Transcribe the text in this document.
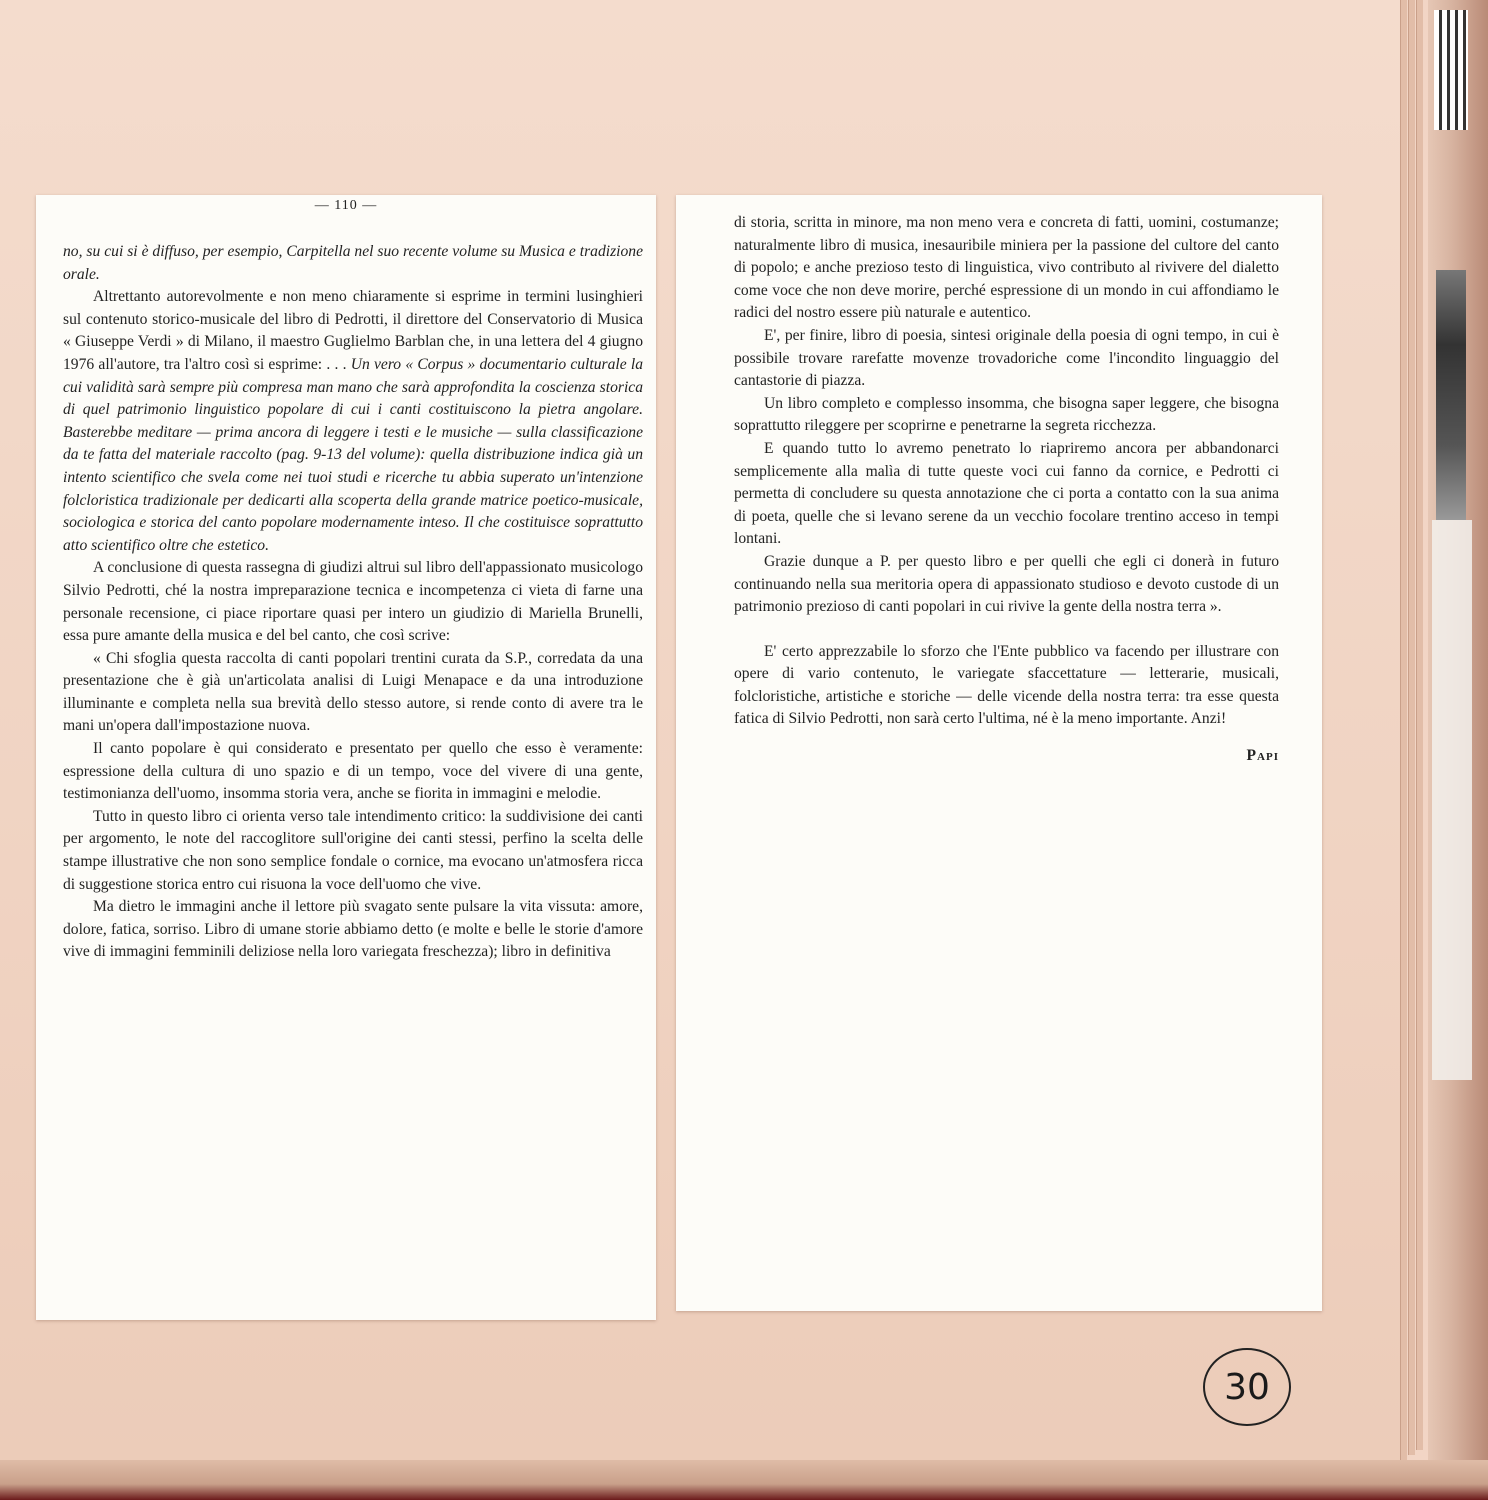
— 110 —

no, su cui si è diffuso, per esempio, Carpitella nel suo recente volume su Musica e tradizione orale.

Altrettanto autorevolmente e non meno chiaramente si esprime in termini lusinghieri sul contenuto storico-musicale del libro di Pedrotti, il direttore del Conservatorio di Musica « Giuseppe Verdi » di Milano, il maestro Guglielmo Barblan che, in una lettera del 4 giugno 1976 all'autore, tra l'altro così si esprime: . . . Un vero « Corpus » documentario culturale la cui validità sarà sempre più compresa man mano che sarà approfondita la coscienza storica di quel patrimonio linguistico popolare di cui i canti costituiscono la pietra angolare. Basterebbe meditare — prima ancora di leggere i testi e le musiche — sulla classificazione da te fatta del materiale raccolto (pag. 9-13 del volume): quella distribuzione indica già un intento scientifico che svela come nei tuoi studi e ricerche tu abbia superato un'intenzione folcloristica tradizionale per dedicarti alla scoperta della grande matrice poetico-musicale, sociologica e storica del canto popolare modernamente inteso. Il che costituisce soprattutto atto scientifico oltre che estetico.

A conclusione di questa rassegna di giudizi altrui sul libro dell'appassionato musicologo Silvio Pedrotti, ché la nostra impreparazione tecnica e incompetenza ci vieta di farne una personale recensione, ci piace riportare quasi per intero un giudizio di Mariella Brunelli, essa pure amante della musica e del bel canto, che così scrive:

« Chi sfoglia questa raccolta di canti popolari trentini curata da S.P., corredata da una presentazione che è già un'articolata analisi di Luigi Menapace e da una introduzione illuminante e completa nella sua brevità dello stesso autore, si rende conto di avere tra le mani un'opera dall'impostazione nuova.

Il canto popolare è qui considerato e presentato per quello che esso è veramente: espressione della cultura di uno spazio e di un tempo, voce del vivere di una gente, testimonianza dell'uomo, insomma storia vera, anche se fiorita in immagini e melodie.

Tutto in questo libro ci orienta verso tale intendimento critico: la suddivisione dei canti per argomento, le note del raccoglitore sull'origine dei canti stessi, perfino la scelta delle stampe illustrative che non sono semplice fondale o cornice, ma evocano un'atmosfera ricca di suggestione storica entro cui risuona la voce dell'uomo che vive.

Ma dietro le immagini anche il lettore più svagato sente pulsare la vita vissuta: amore, dolore, fatica, sorriso. Libro di umane storie abbiamo detto (e molte e belle le storie d'amore vive di immagini femminili deliziose nella loro variegata freschezza); libro in definitiva

di storia, scritta in minore, ma non meno vera e concreta di fatti, uomini, costumanze; naturalmente libro di musica, inesauribile miniera per la passione del cultore del canto di popolo; e anche prezioso testo di linguistica, vivo contributo al rivivere del dialetto come voce che non deve morire, perché espressione di un mondo in cui affondiamo le radici del nostro essere più naturale e autentico.

E', per finire, libro di poesia, sintesi originale della poesia di ogni tempo, in cui è possibile trovare rarefatte movenze trovadoriche come l'incondito linguaggio del cantastorie di piazza.

Un libro completo e complesso insomma, che bisogna saper leggere, che bisogna soprattutto rileggere per scoprirne e penetrarne la segreta ricchezza.

E quando tutto lo avremo penetrato lo riapriremo ancora per abbandonarci semplicemente alla malìa di tutte queste voci cui fanno da cornice, e Pedrotti ci permetta di concludere su questa annotazione che ci porta a contatto con la sua anima di poeta, quelle che si levano serene da un vecchio focolare trentino acceso in tempi lontani.

Grazie dunque a P. per questo libro e per quelli che egli ci donerà in futuro continuando nella sua meritoria opera di appassionato studioso e devoto custode di un patrimonio prezioso di canti popolari in cui rivive la gente della nostra terra ».

E' certo apprezzabile lo sforzo che l'Ente pubblico va facendo per illustrare con opere di vario contenuto, le variegate sfaccettature — letterarie, musicali, folcloristiche, artistiche e storiche — delle vicende della nostra terra: tra esse questa fatica di Silvio Pedrotti, non sarà certo l'ultima, né è la meno importante. Anzi!

Papi

30
